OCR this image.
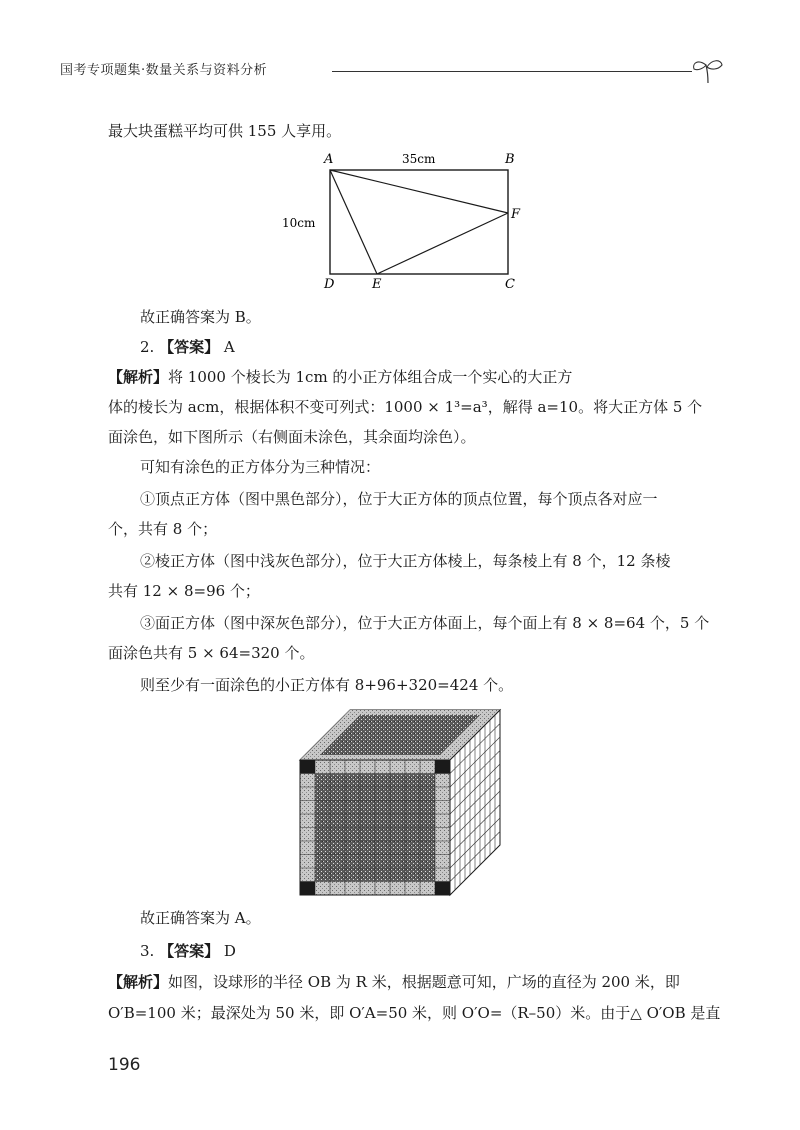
国考专项题集·数量关系与资料分析
最大块蛋糕平均可供 155 人享用。
A	B
C
D	E
F
35cm
10cm
故正确答案为 B。
2. 【答案】 A
【解析】将 1000 个棱长为 1cm 的小正方体组合成一个实心的大正方
体的棱长为 acm，根据体积不变可列式：1000 × 1³=a³，解得 a=10。将大正方体 5 个
面涂色，如下图所示（右侧面未涂色，其余面均涂色）。
可知有涂色的正方体分为三种情况：
①顶点正方体（图中黑色部分），位于大正方体的顶点位置，每个顶点各对应一
个，共有 8 个；
②棱正方体（图中浅灰色部分），位于大正方体棱上，每条棱上有 8 个，12 条棱
共有 12 × 8=96 个；
③面正方体（图中深灰色部分），位于大正方体面上，每个面上有 8 × 8=64 个，5 个
面涂色共有 5 × 64=320 个。
则至少有一面涂色的小正方体有 8+96+320=424 个。
故正确答案为 A。
3. 【答案】 D
【解析】如图，设球形的半径 OB 为 R 米，根据题意可知，广场的直径为 200 米，即
O′B=100 米；最深处为 50 米，即 O′A=50 米，则 O′O=（R–50）米。由于△ O′OB 是直
196
